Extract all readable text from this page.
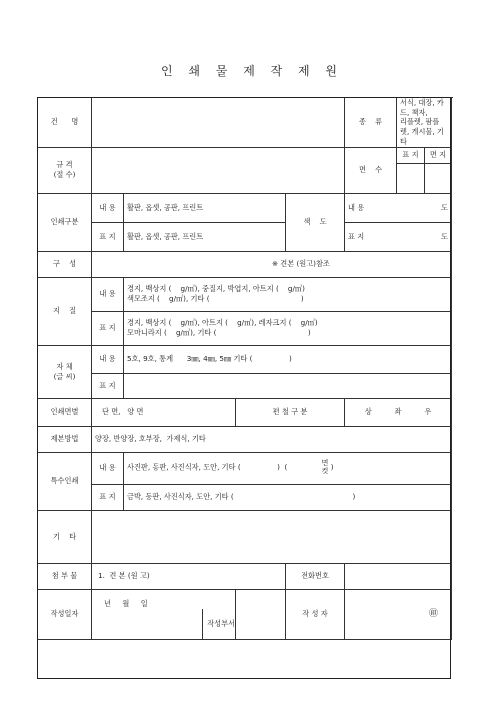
인 쇄 물 제 작 제 원
건      명					종    류	서식, 대장, 카드, 책자,
리플렛, 팜플렛, 게시물, 기타	
규 격
(절 수)					면    수	표 지	면 지

인쇄구분	내 용	활판, 옵셋, 공판, 프린트		색    도	내 용 도		

	표 지	활판, 옵셋, 공판, 프린트			표 지 도		

구    성	※ 견본 (원고)참조						
지    질	내 용	경지, 백상지 (    g/㎡), 중질지, 박엽지, 아트지 (    g/㎡)
색모조지 (    g/㎡), 기타 (                                        )					

	표 지	경지, 백상지 (    g/㎡), 아트지 (    g/㎡), 레자크지 (    g/㎡)
모마니라지 (    g/㎡), 기타 (                                        )					

자 체
(글 씨)	내 용	5호, 9호, 통계      3㎜, 4㎜, 5㎜ 기타 (                )					
	표 지						
인쇄면별	단 면,   양 면		편 철 구 분		상          좌          우		
제본방법	양장, 반양장, 호부장,  가제식, 기타						
특수인쇄	내 용	사진판, 동판, 사진식자, 도안, 기타 (                )  ( 면
컷 )					
	표 지	금박, 동판, 사진식자, 도안, 기타 (                                                    )					
기    타							
첨 부 물	1.  견 본 (원 고)			전화번호			
작성일자	년     월     일

작성부서			작 성 자	㊞		
